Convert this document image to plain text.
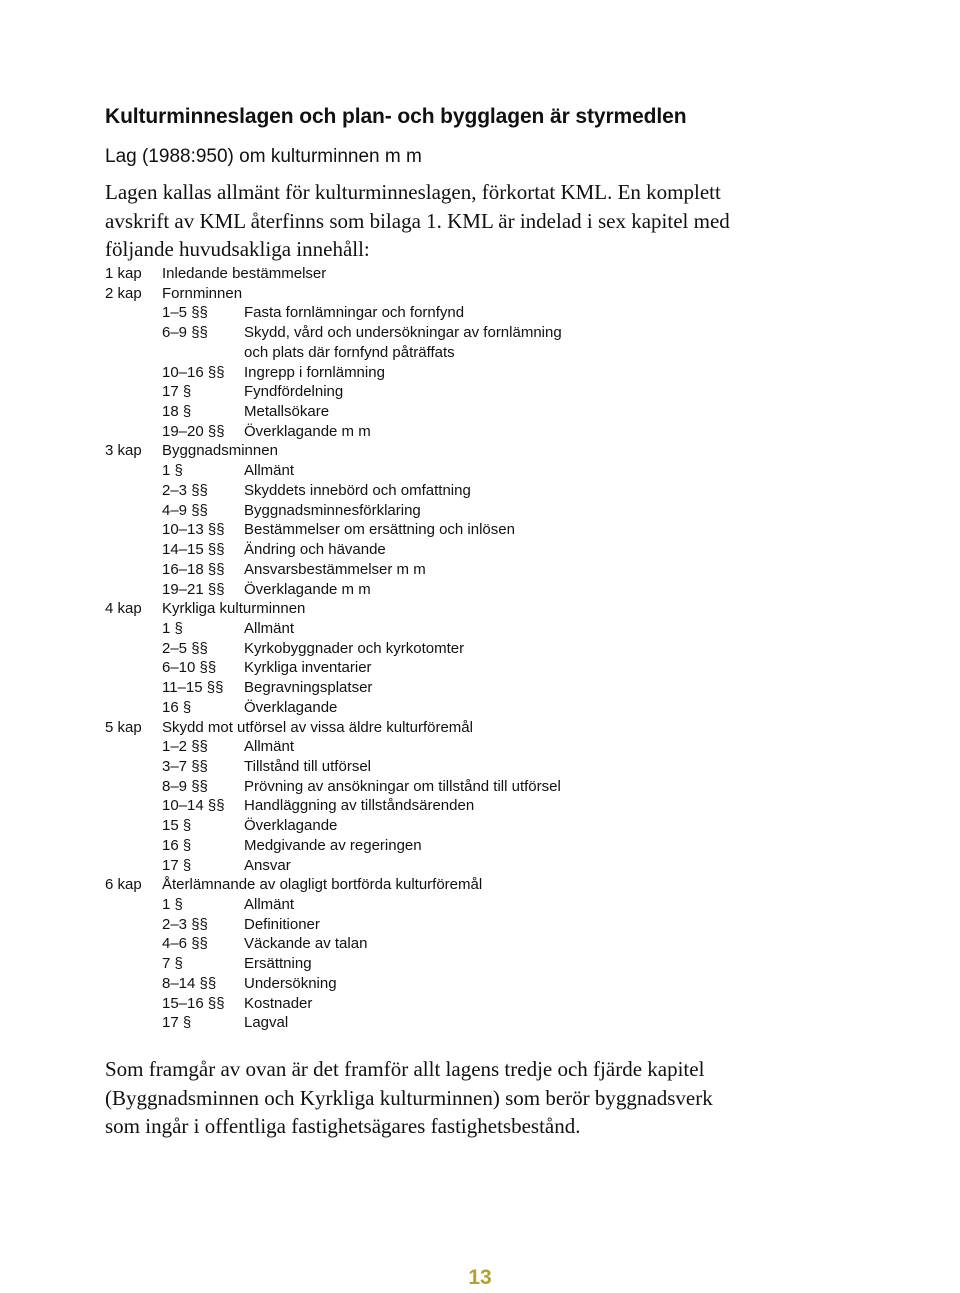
Kulturminneslagen och plan- och bygglagen är styrmedlen
Lag (1988:950) om kulturminnen m m

Lagen kallas allmänt för kulturminneslagen, förkortat KML. En komplett avskrift av KML återfinns som bilaga 1. KML är indelad i sex kapitel med följande huvudsakliga innehåll:

1 kap Inledande bestämmelser
2 kap Fornminnen
1–5 §§ Fasta fornlämningar och fornfynd
6–9 §§ Skydd, vård och undersökningar av fornlämning
och plats där fornfynd påträffats
10–16 §§ Ingrepp i fornlämning
17 §	Fyndfördelning
18 §	Metallsökare
19–20 §§ Överklagande m m
3 kap Byggnadsminnen
1 §	Allmänt
2–3 §§ Skyddets innebörd och omfattning
4–9 §§ Byggnadsminnesförklaring
10–13 §§ Bestämmelser om ersättning och inlösen
14–15 §§ Ändring och hävande
16–18 §§ Ansvarsbestämmelser m m
19–21 §§ Överklagande m m
4 kap Kyrkliga kulturminnen
1 §	Allmänt
2–5 §§ Kyrkobyggnader och kyrkotomter
6–10 §§ Kyrkliga inventarier
11–15 §§ Begravningsplatser
16 §	Överklagande
5 kap Skydd mot utförsel av vissa äldre kulturföremål
1–2 §§ Allmänt
3–7 §§ Tillstånd till utförsel
8–9 §§ Prövning av ansökningar om tillstånd till utförsel
10–14 §§ Handläggning av tillståndsärenden
15 §	Överklagande
16 §	Medgivande av regeringen
17 §	Ansvar
6 kap Återlämnande av olagligt bortförda kulturföremål
1 §	Allmänt
2–3 §§ Definitioner
4–6 §§ Väckande av talan
7 §	Ersättning
8–14 §§ Undersökning
15–16 §§ Kostnader
17 §	Lagval

Som framgår av ovan är det framför allt lagens tredje och fjärde kapitel (Byggnadsminnen och Kyrkliga kulturminnen) som berör byggnadsverk som ingår i offentliga fastighetsägares fastighetsbestånd.

13
